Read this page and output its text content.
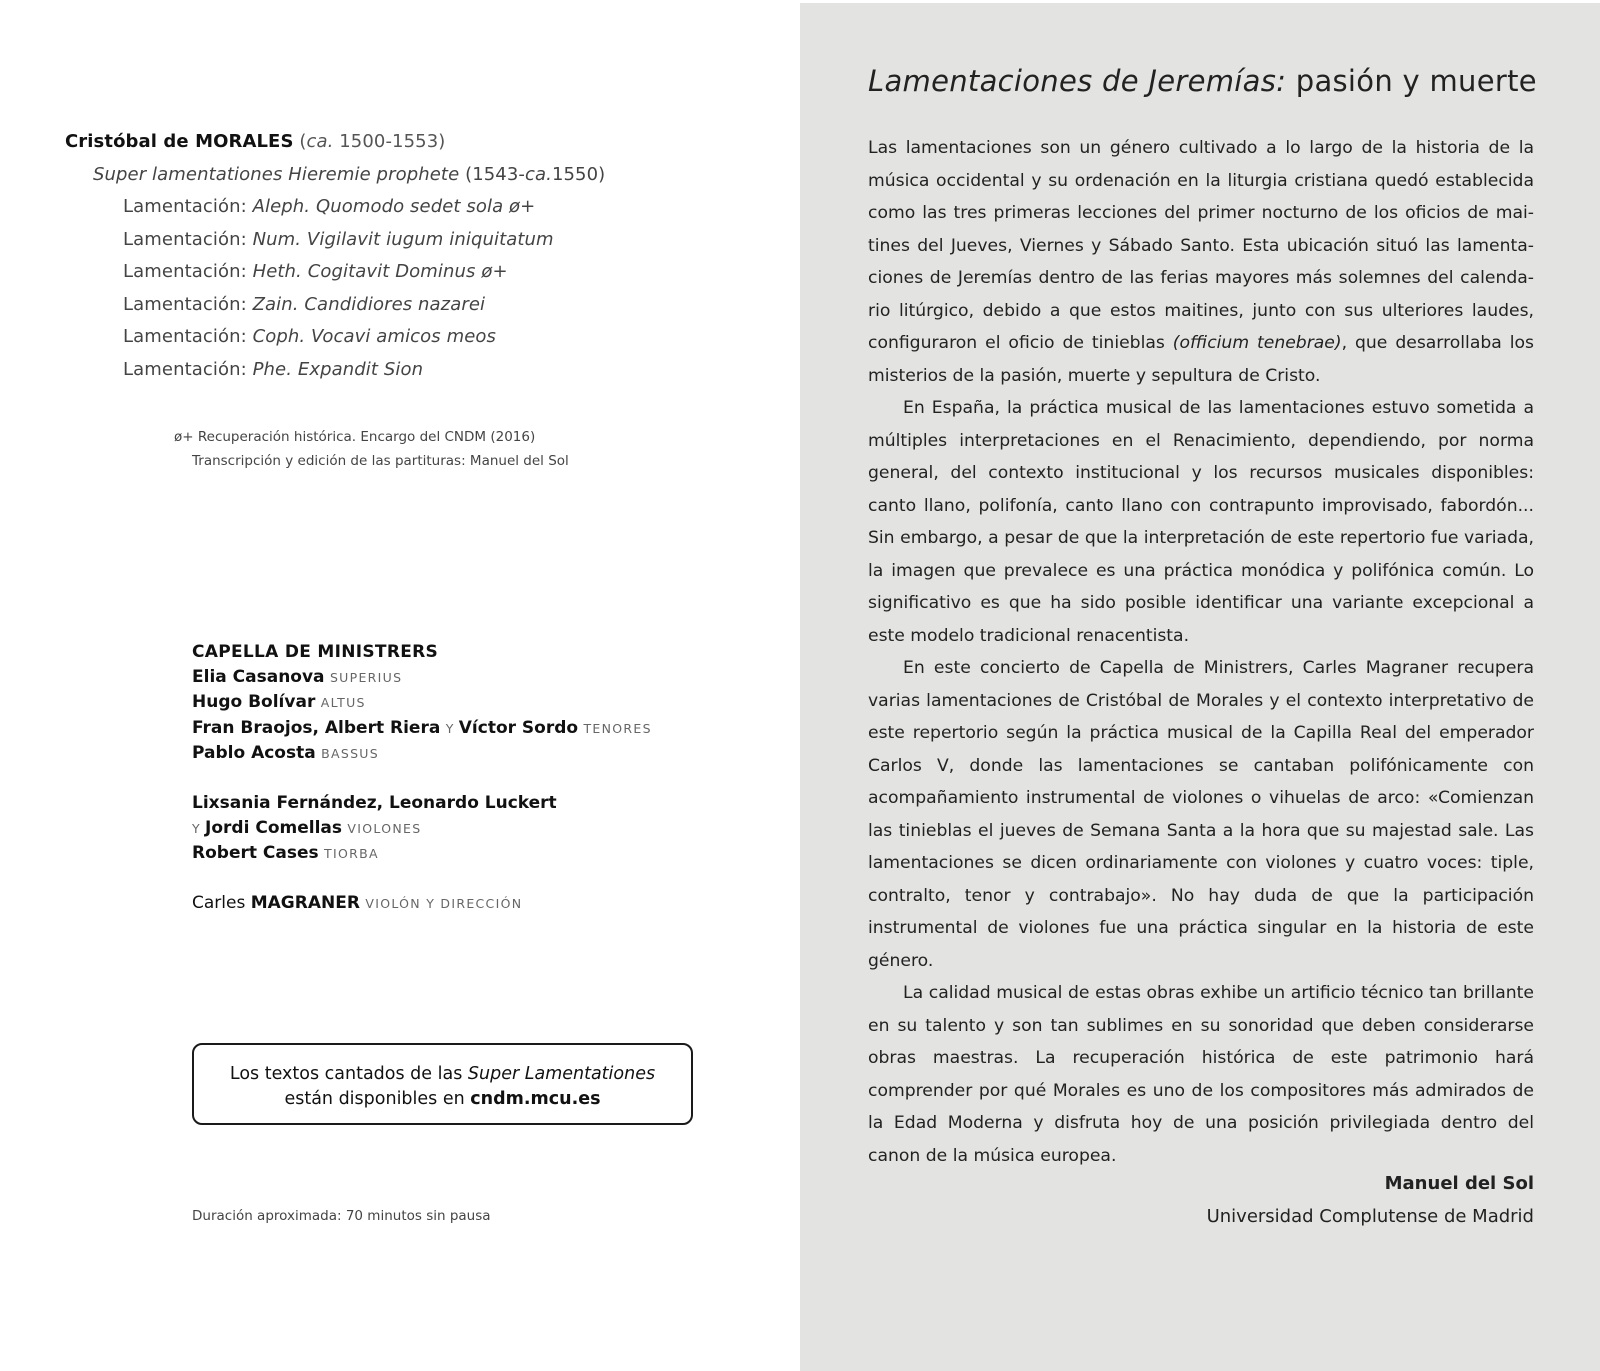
Cristóbal de MORALES (ca. 1500-1553)
Super lamentationes Hieremie prophete (1543-ca.1550)
Lamentación: Aleph. Quomodo sedet sola ø+
Lamentación: Num. Vigilavit iugum iniquitatum
Lamentación: Heth. Cogitavit Dominus ø+
Lamentación: Zain. Candidiores nazarei
Lamentación: Coph. Vocavi amicos meos
Lamentación: Phe. Expandit Sion
ø+ Recuperación histórica. Encargo del CNDM (2016)
Transcripción y edición de las partituras: Manuel del Sol
CAPELLA DE MINISTRERS
Elia Casanova SUPERIUS
Hugo Bolívar ALTUS
Fran Braojos, Albert Riera Y Víctor Sordo TENORES
Pablo Acosta BASSUS
Lixsania Fernández, Leonardo Luckert
Y Jordi Comellas VIOLONES
Robert Cases TIORBA
Carles MAGRANER VIOLÓN Y DIRECCIÓN
Los textos cantados de las Super Lamentationes
están disponibles en cndm.mcu.es
Duración aproximada: 70 minutos sin pausa
Lamentaciones de Jeremías: pasión y muerte

Las lamentaciones son un género cultivado a lo largo de la historia de la música occidental y su ordenación en la liturgia cristiana quedó establecida como las tres primeras lecciones del primer nocturno de los oficios de maitines del Jueves, Viernes y Sábado Santo. Esta ubicación situó las lamentaciones de Jeremías dentro de las ferias mayores más solemnes del calendario litúrgico, debido a que estos maitines, junto con sus ulteriores laudes, configuraron el oficio de tinieblas (officium tenebrae), que desarrollaba los misterios de la pasión, muerte y sepultura de Cristo.

En España, la práctica musical de las lamentaciones estuvo sometida a múltiples interpretaciones en el Renacimiento, dependiendo, por norma general, del contexto institucional y los recursos musicales disponibles: canto llano, polifonía, canto llano con contrapunto improvisado, fabordón... Sin embargo, a pesar de que la interpretación de este repertorio fue variada, la imagen que prevalece es una práctica monódica y polifónica común. Lo significativo es que ha sido posible identificar una variante excepcional a este modelo tradicional renacentista.

En este concierto de Capella de Ministrers, Carles Magraner recupera varias lamentaciones de Cristóbal de Morales y el contexto interpretativo de este repertorio según la práctica musical de la Capilla Real del emperador Carlos V, donde las lamentaciones se cantaban polifónicamente con acompañamiento instrumental de violones o vihuelas de arco: «Comienzan las tinieblas el jueves de Semana Santa a la hora que su majestad sale. Las lamentaciones se dicen ordinariamente con violones y cuatro voces: tiple, contralto, tenor y contrabajo». No hay duda de que la participación instrumental de violones fue una práctica singular en la historia de este género.

La calidad musical de estas obras exhibe un artificio técnico tan brillante en su talento y son tan sublimes en su sonoridad que deben considerarse obras maestras. La recuperación histórica de este patrimonio hará comprender por qué Morales es uno de los compositores más admirados de la Edad Moderna y disfruta hoy de una posición privilegiada dentro del canon de la música europea.

Manuel del Sol
Universidad Complutense de Madrid
